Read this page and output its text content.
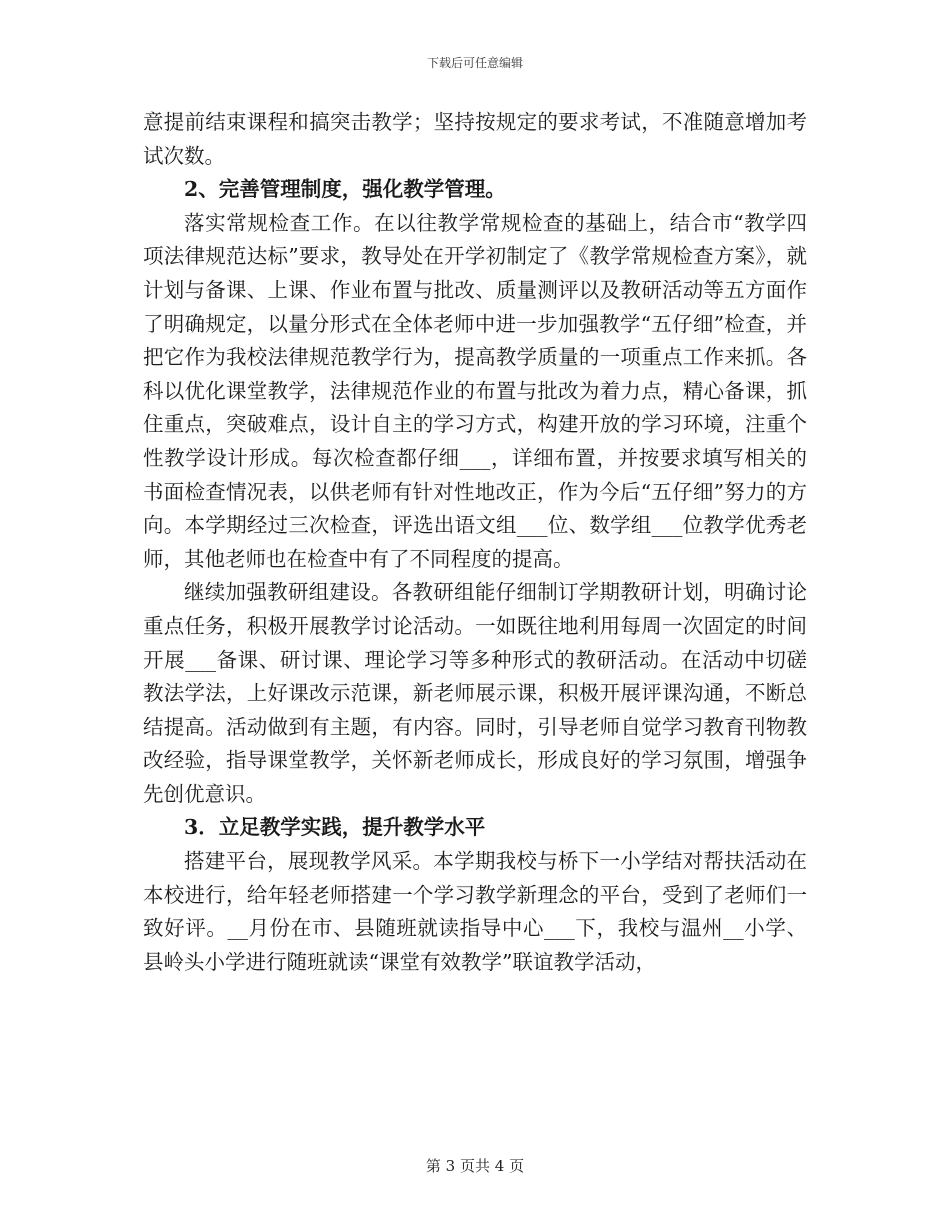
下载后可任意编辑

意提前结束课程和搞突击教学；坚持按规定的要求考试，不准随意增加考试次数。

2、完善管理制度，强化教学管理。

落实常规检查工作。在以往教学常规检查的基础上，结合市“教学四项法律规范达标”要求，教导处在开学初制定了《教学常规检查方案》，就计划与备课、上课、作业布置与批改、质量测评以及教研活动等五方面作了明确规定，以量分形式在全体老师中进一步加强教学“五仔细”检查，并把它作为我校法律规范教学行为，提高教学质量的一项重点工作来抓。各科以优化课堂教学，法律规范作业的布置与批改为着力点，精心备课，抓住重点，突破难点，设计自主的学习方式，构建开放的学习环境，注重个性教学设计形成。每次检查都仔细___，详细布置，并按要求填写相关的书面检查情况表，以供老师有针对性地改正，作为今后“五仔细”努力的方向。本学期经过三次检查，评选出语文组___位、数学组___位教学优秀老师，其他老师也在检查中有了不同程度的提高。

继续加强教研组建设。各教研组能仔细制订学期教研计划，明确讨论重点任务，积极开展教学讨论活动。一如既往地利用每周一次固定的时间开展___备课、研讨课、理论学习等多种形式的教研活动。在活动中切磋教法学法，上好课改示范课，新老师展示课，积极开展评课沟通，不断总结提高。活动做到有主题，有内容。同时，引导老师自觉学习教育刊物教改经验，指导课堂教学，关怀新老师成长，形成良好的学习氛围，增强争先创优意识。

3．立足教学实践，提升教学水平

搭建平台，展现教学风采。本学期我校与桥下一小学结对帮扶活动在本校进行，给年轻老师搭建一个学习教学新理念的平台，受到了老师们一致好评。__月份在市、县随班就读指导中心___下，我校与温州__小学、县岭头小学进行随班就读“课堂有效教学”联谊教学活动，

第 3 页共 4 页
